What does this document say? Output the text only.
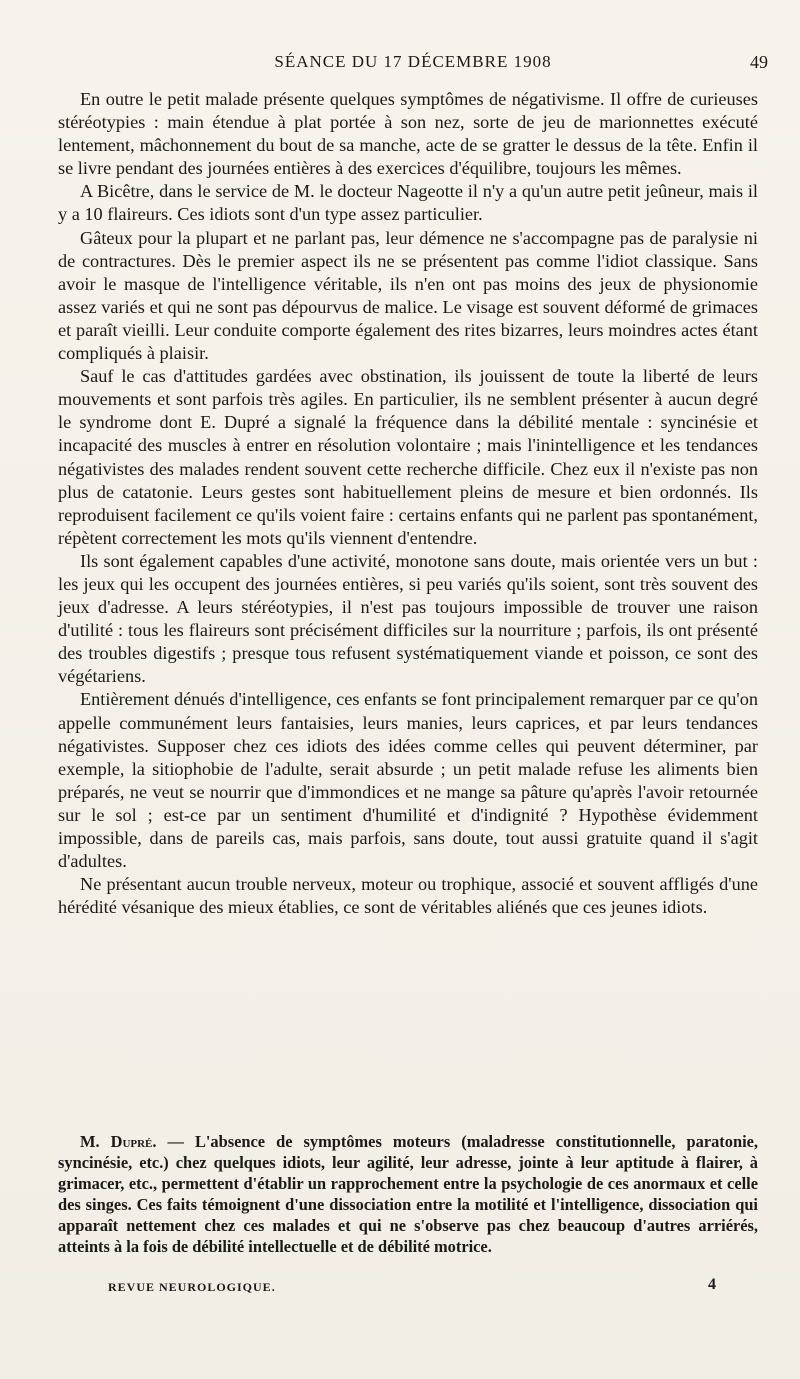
SÉANCE DU 17 DÉCEMBRE 1908	49

En outre le petit malade présente quelques symptômes de négativisme. Il offre de curieuses stéréotypies : main étendue à plat portée à son nez, sorte de jeu de marionnettes exécuté lentement, mâchonnement du bout de sa manche, acte de se gratter le dessus de la tête. Enfin il se livre pendant des journées entières à des exercices d'équilibre, toujours les mêmes.

A Bicêtre, dans le service de M. le docteur Nageotte il n'y a qu'un autre petit jeûneur, mais il y a 10 flaireurs. Ces idiots sont d'un type assez particulier.

Gâteux pour la plupart et ne parlant pas, leur démence ne s'accompagne pas de paralysie ni de contractures. Dès le premier aspect ils ne se présentent pas comme l'idiot classique. Sans avoir le masque de l'intelligence véritable, ils n'en ont pas moins des jeux de physionomie assez variés et qui ne sont pas dépourvus de malice. Le visage est souvent déformé de grimaces et paraît vieilli. Leur conduite comporte également des rites bizarres, leurs moindres actes étant compliqués à plaisir.

Sauf le cas d'attitudes gardées avec obstination, ils jouissent de toute la liberté de leurs mouvements et sont parfois très agiles. En particulier, ils ne semblent présenter à aucun degré le syndrome dont E. Dupré a signalé la fréquence dans la débilité mentale : syncinésie et incapacité des muscles à entrer en résolution volontaire ; mais l'inintelligence et les tendances négativistes des malades rendent souvent cette recherche difficile. Chez eux il n'existe pas non plus de catatonie. Leurs gestes sont habituellement pleins de mesure et bien ordonnés. Ils reproduisent facilement ce qu'ils voient faire : certains enfants qui ne parlent pas spontanément, répètent correctement les mots qu'ils viennent d'entendre.

Ils sont également capables d'une activité, monotone sans doute, mais orientée vers un but : les jeux qui les occupent des journées entières, si peu variés qu'ils soient, sont très souvent des jeux d'adresse. A leurs stéréotypies, il n'est pas toujours impossible de trouver une raison d'utilité : tous les flaireurs sont précisément difficiles sur la nourriture ; parfois, ils ont présenté des troubles digestifs ; presque tous refusent systématiquement viande et poisson, ce sont des végétariens.

Entièrement dénués d'intelligence, ces enfants se font principalement remarquer par ce qu'on appelle communément leurs fantaisies, leurs manies, leurs caprices, et par leurs tendances négativistes. Supposer chez ces idiots des idées comme celles qui peuvent déterminer, par exemple, la sitiophobie de l'adulte, serait absurde ; un petit malade refuse les aliments bien préparés, ne veut se nourrir que d'immondices et ne mange sa pâture qu'après l'avoir retournée sur le sol ; est-ce par un sentiment d'humilité et d'indignité ? Hypothèse évidemment impossible, dans de pareils cas, mais parfois, sans doute, tout aussi gratuite quand il s'agit d'adultes.

Ne présentant aucun trouble nerveux, moteur ou trophique, associé et souvent affligés d'une hérédité vésanique des mieux établies, ce sont de véritables aliénés que ces jeunes idiots.

M. Dupré. — L'absence de symptômes moteurs (maladresse constitutionnelle, paratonie, syncinésie, etc.) chez quelques idiots, leur agilité, leur adresse, jointe à leur aptitude à flairer, à grimacer, etc., permettent d'établir un rapprochement entre la psychologie de ces anormaux et celle des singes. Ces faits témoignent d'une dissociation entre la motilité et l'intelligence, dissociation qui apparaît nettement chez ces malades et qui ne s'observe pas chez beaucoup d'autres arriérés, atteints à la fois de débilité intellectuelle et de débilité motrice.

REVUE NEUROLOGIQUE.	4
